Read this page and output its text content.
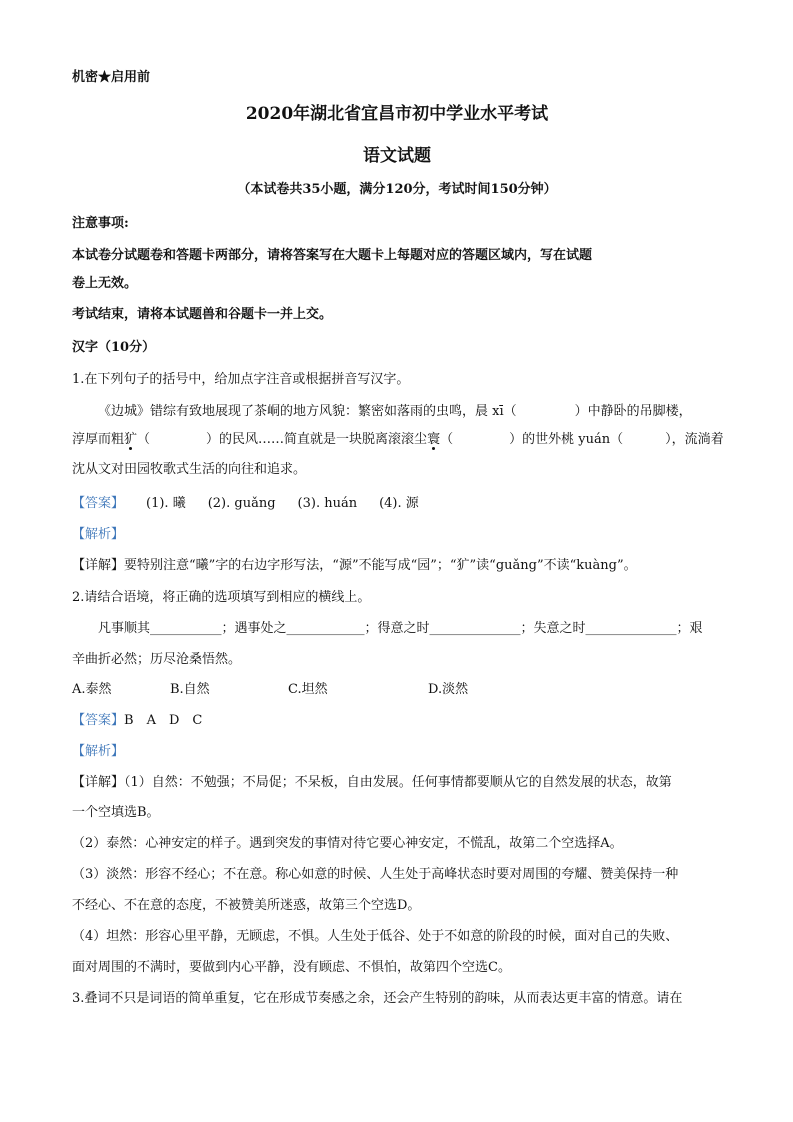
机密★启用前
2020年湖北省宜昌市初中学业水平考试
语文试题
（本试卷共35小题，满分120分，考试时间150分钟）
注意事项:
本试卷分试题卷和答题卡两部分，请将答案写在大题卡上每题对应的答题区域内，写在试题
卷上无效。
考试结束，请将本试题兽和谷题卡一并上交。
汉字（10分）
1.在下列句子的括号中，给加点字注音或根据拼音写汉字。
《边城》错综有致地展现了茶峒的地方风貌：繁密如落雨的虫鸣，晨 xī（	）中静卧的吊脚楼，
淳厚而粗犷（	）的民风……简直就是一块脱离滚滚尘寰（	）的世外桃 yuán（	），流淌着
沈从文对田园牧歌式生活的向往和追求。
【答案】 (1). 曦 (2). guǎng (3). huán (4). 源
【解析】
【详解】要特别注意“曦”字的右边字形写法，“源”不能写成“园”；“犷”读“guǎng”不读“kuàng”。
2.请结合语境，将正确的选项填写到相应的横线上。
凡事顺其___________；遇事处之____________；得意之时______________；失意之时______________；艰
辛曲折必然；历尽沧桑悟然。
A.泰然	B.自然	C.坦然	D.淡然
【答案】B　A　D　C
【解析】
【详解】（1）自然：不勉强；不局促；不呆板，自由发展。任何事情都要顺从它的自然发展的状态，故第
一个空填选B。
（2）泰然：心神安定的样子。遇到突发的事情对待它要心神安定，不慌乱，故第二个空选择A。
（3）淡然：形容不经心；不在意。称心如意的时候、人生处于高峰状态时要对周围的夸耀、赞美保持一种
不经心、不在意的态度，不被赞美所迷惑，故第三个空选D。
（4）坦然：形容心里平静，无顾虑，不惧。人生处于低谷、处于不如意的阶段的时候，面对自己的失败、
面对周围的不满时，要做到内心平静，没有顾虑、不惧怕，故第四个空选C。
3.叠词不只是词语的简单重复，它在形成节奏感之余，还会产生特别的韵味，从而表达更丰富的情意。请在
